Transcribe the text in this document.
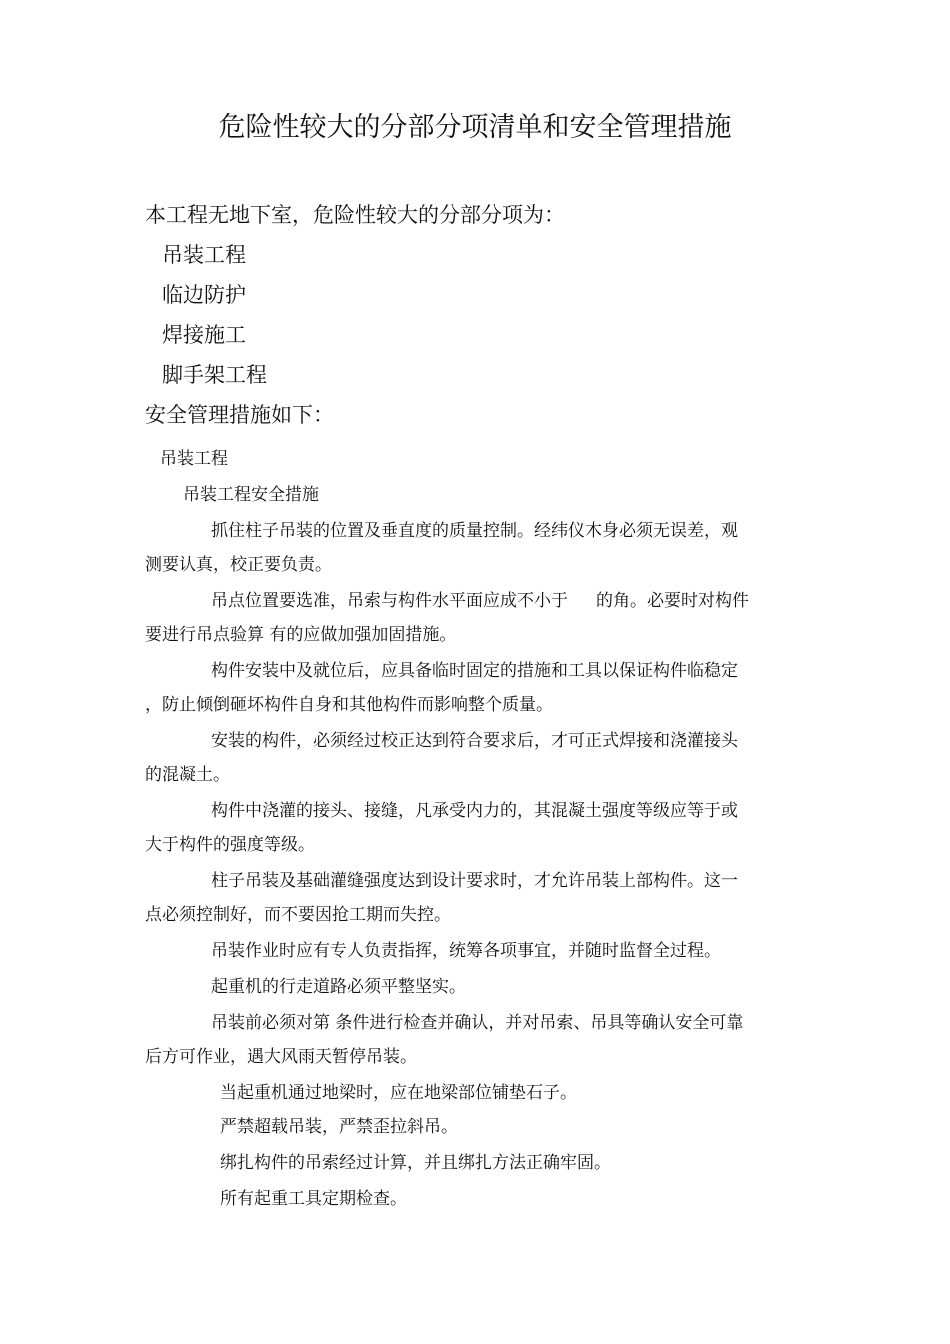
危险性较大的分部分项清单和安全管理措施
本工程无地下室，危险性较大的分部分项为：
吊装工程
临边防护
焊接施工
脚手架工程
安全管理措施如下：
吊装工程
吊装工程安全措施
抓住柱子吊装的位置及垂直度的质量控制。经纬仪木身必须无误差，观
测要认真，校正要负责。
吊点位置要选准，吊索与构件水平面应成不小于 的角。必要时对构件
要进行吊点验算 有的应做加强加固措施。
构件安装中及就位后，应具备临时固定的措施和工具以保证构件临稳定
，防止倾倒砸坏构件自身和其他构件而影响整个质量。
安装的构件，必须经过校正达到符合要求后，才可正式焊接和浇灌接头
的混凝土。
构件中浇灌的接头、接缝，凡承受内力的，其混凝土强度等级应等于或
大于构件的强度等级。
柱子吊装及基础灌缝强度达到设计要求时，才允许吊装上部构件。这一
点必须控制好，而不要因抢工期而失控。
吊装作业时应有专人负责指挥，统筹各项事宜，并随时监督全过程。
起重机的行走道路必须平整坚实。
吊装前必须对第 条件进行检查并确认，并对吊索、吊具等确认安全可靠
后方可作业，遇大风雨天暂停吊装。
当起重机通过地梁时，应在地梁部位铺垫石子。
严禁超载吊装，严禁歪拉斜吊。
绑扎构件的吊索经过计算，并且绑扎方法正确牢固。
所有起重工具定期检查。
